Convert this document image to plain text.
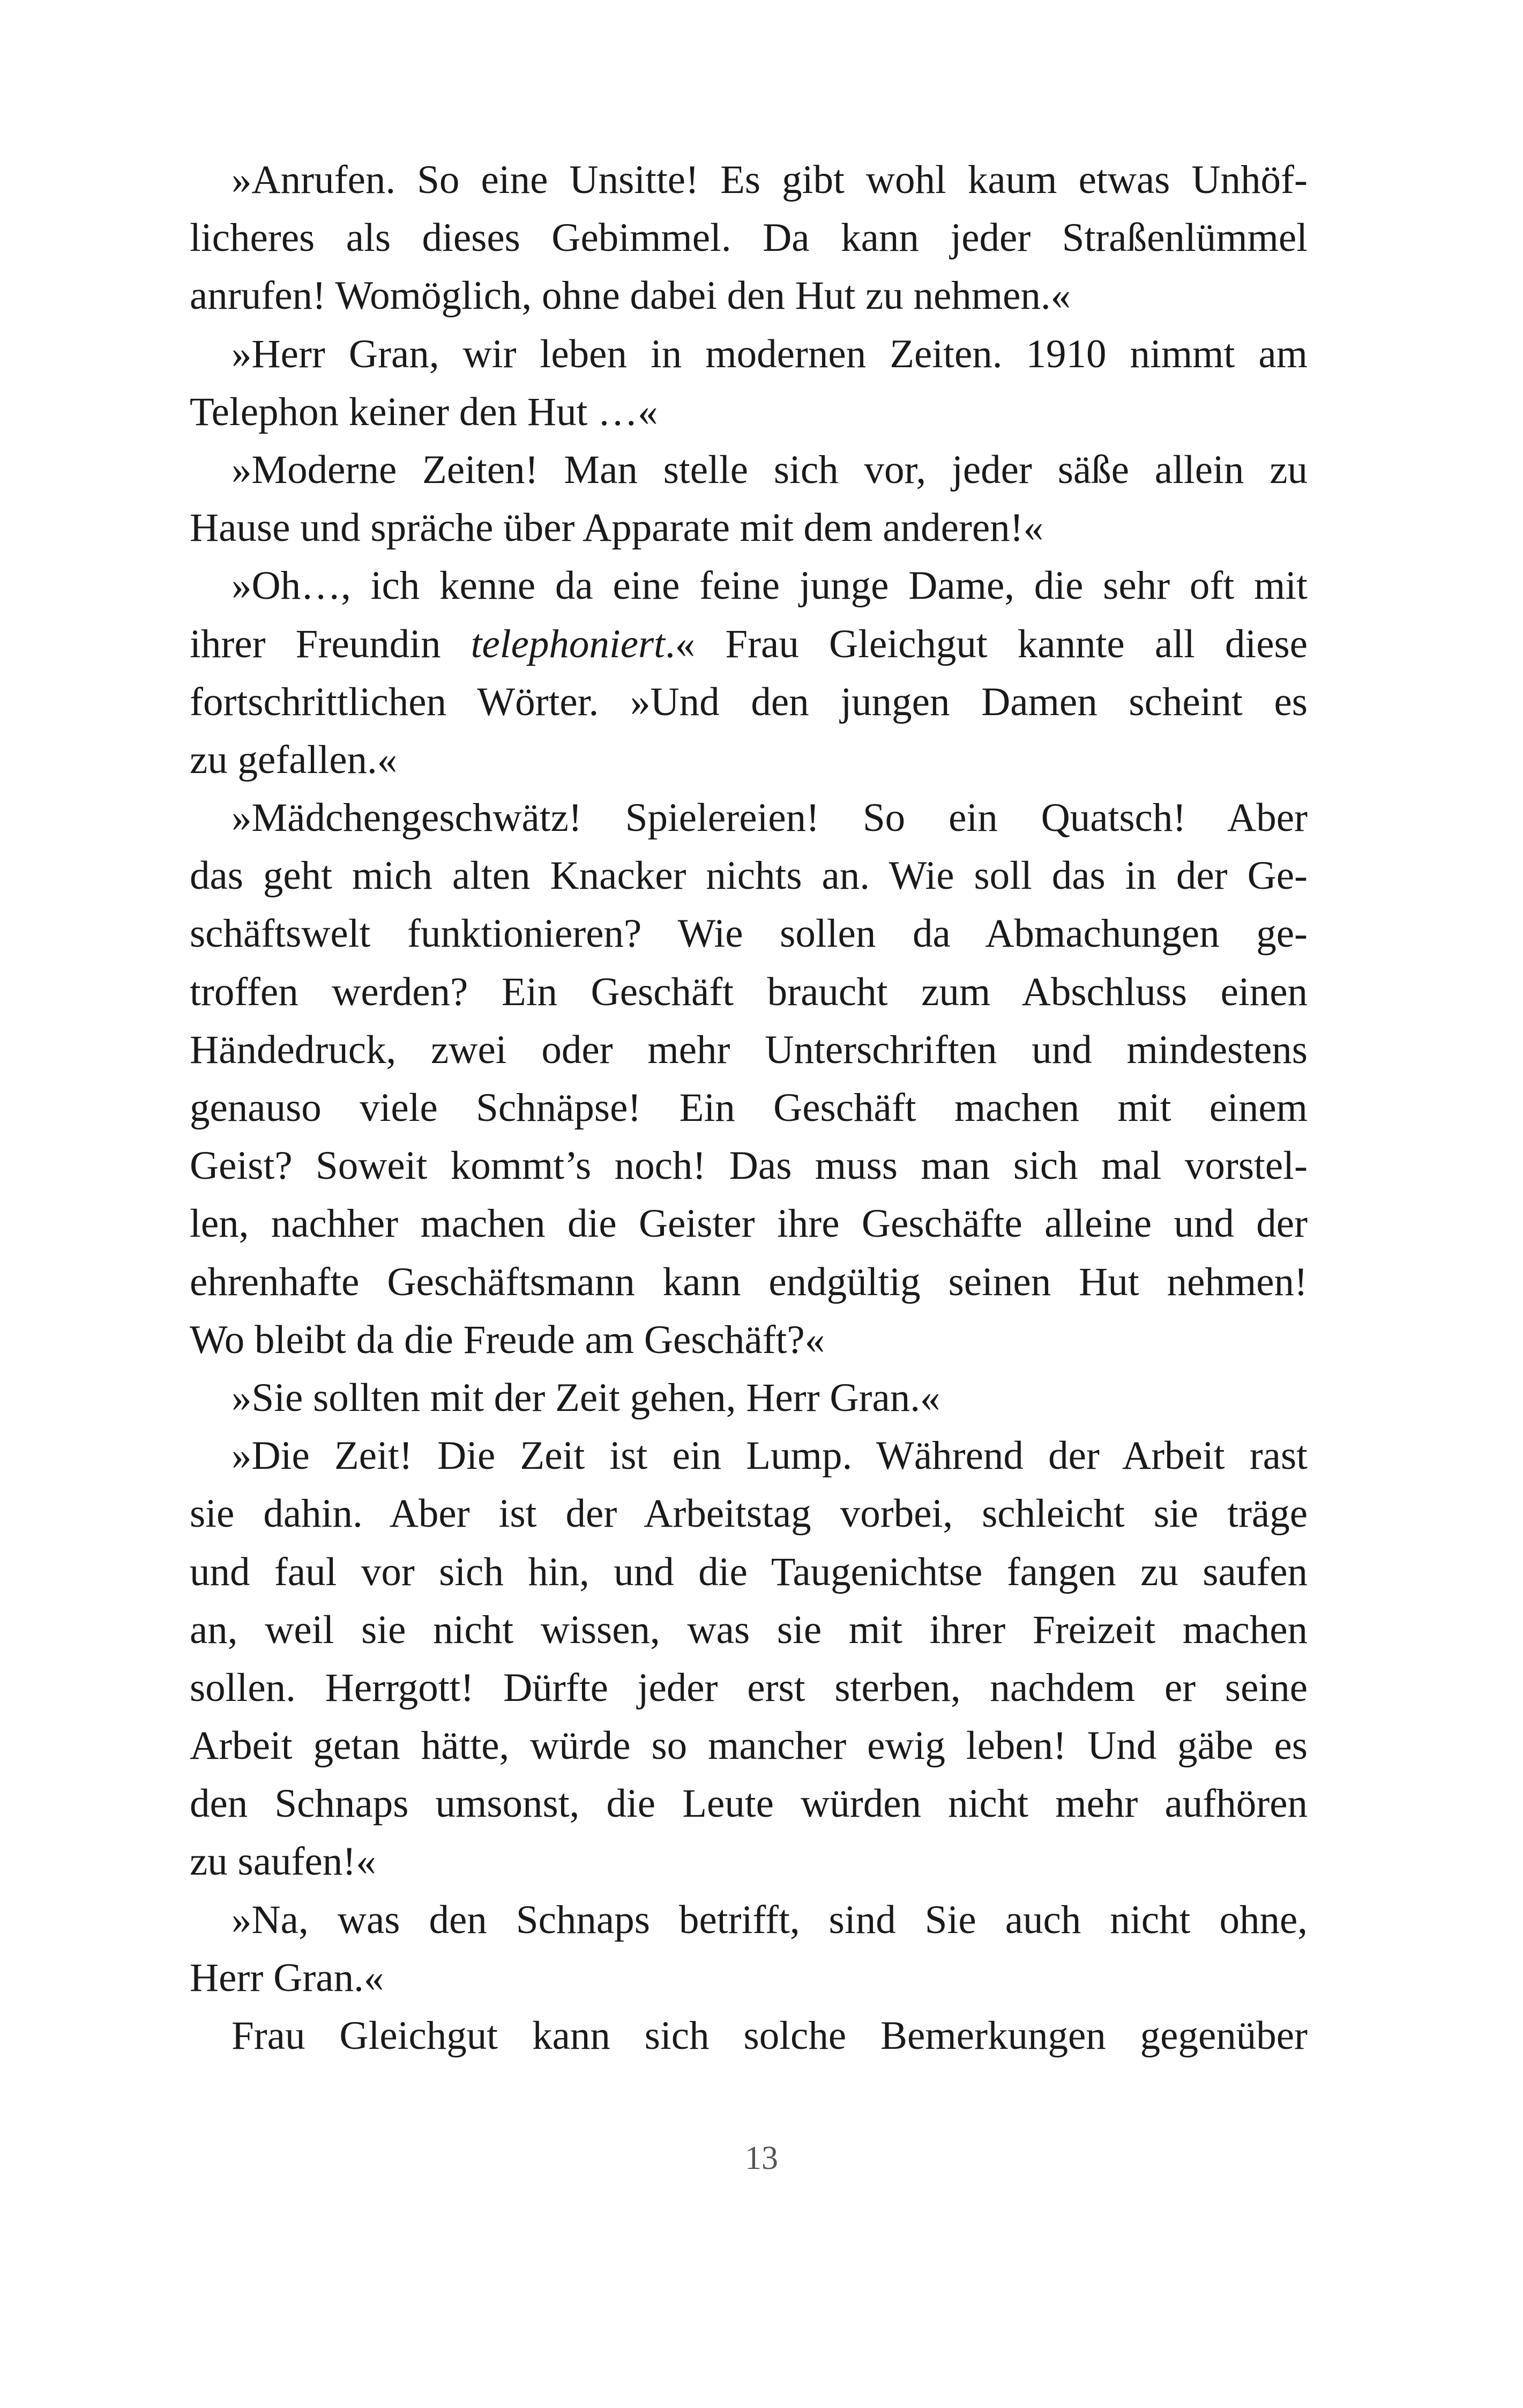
»Anrufen. So eine Unsitte! Es gibt wohl kaum etwas Unhöf-
licheres als dieses Gebimmel. Da kann jeder Straßenlümmel
anrufen! Womöglich, ohne dabei den Hut zu nehmen.«
»Herr Gran, wir leben in modernen Zeiten. 1910 nimmt am
Telephon keiner den Hut …«
»Moderne Zeiten! Man stelle sich vor, jeder säße allein zu
Hause und spräche über Apparate mit dem anderen!«
»Oh…, ich kenne da eine feine junge Dame, die sehr oft mit
ihrer Freundin telephoniert.« Frau Gleichgut kannte all diese
fortschrittlichen Wörter. »Und den jungen Damen scheint es
zu gefallen.«
»Mädchengeschwätz! Spielereien! So ein Quatsch! Aber
das geht mich alten Knacker nichts an. Wie soll das in der Ge-
schäftswelt funktionieren? Wie sollen da Abmachungen ge-
troffen werden? Ein Geschäft braucht zum Abschluss einen
Händedruck, zwei oder mehr Unterschriften und mindestens
genauso viele Schnäpse! Ein Geschäft machen mit einem
Geist? Soweit kommt’s noch! Das muss man sich mal vorstel-
len, nachher machen die Geister ihre Geschäfte alleine und der
ehrenhafte Geschäftsmann kann endgültig seinen Hut nehmen!
Wo bleibt da die Freude am Geschäft?«
»Sie sollten mit der Zeit gehen, Herr Gran.«
»Die Zeit! Die Zeit ist ein Lump. Während der Arbeit rast
sie dahin. Aber ist der Arbeitstag vorbei, schleicht sie träge
und faul vor sich hin, und die Taugenichtse fangen zu saufen
an, weil sie nicht wissen, was sie mit ihrer Freizeit machen
sollen. Herrgott! Dürfte jeder erst sterben, nachdem er seine
Arbeit getan hätte, würde so mancher ewig leben! Und gäbe es
den Schnaps umsonst, die Leute würden nicht mehr aufhören
zu saufen!«
»Na, was den Schnaps betrifft, sind Sie auch nicht ohne,
Herr Gran.«
Frau Gleichgut kann sich solche Bemerkungen gegenüber
13
